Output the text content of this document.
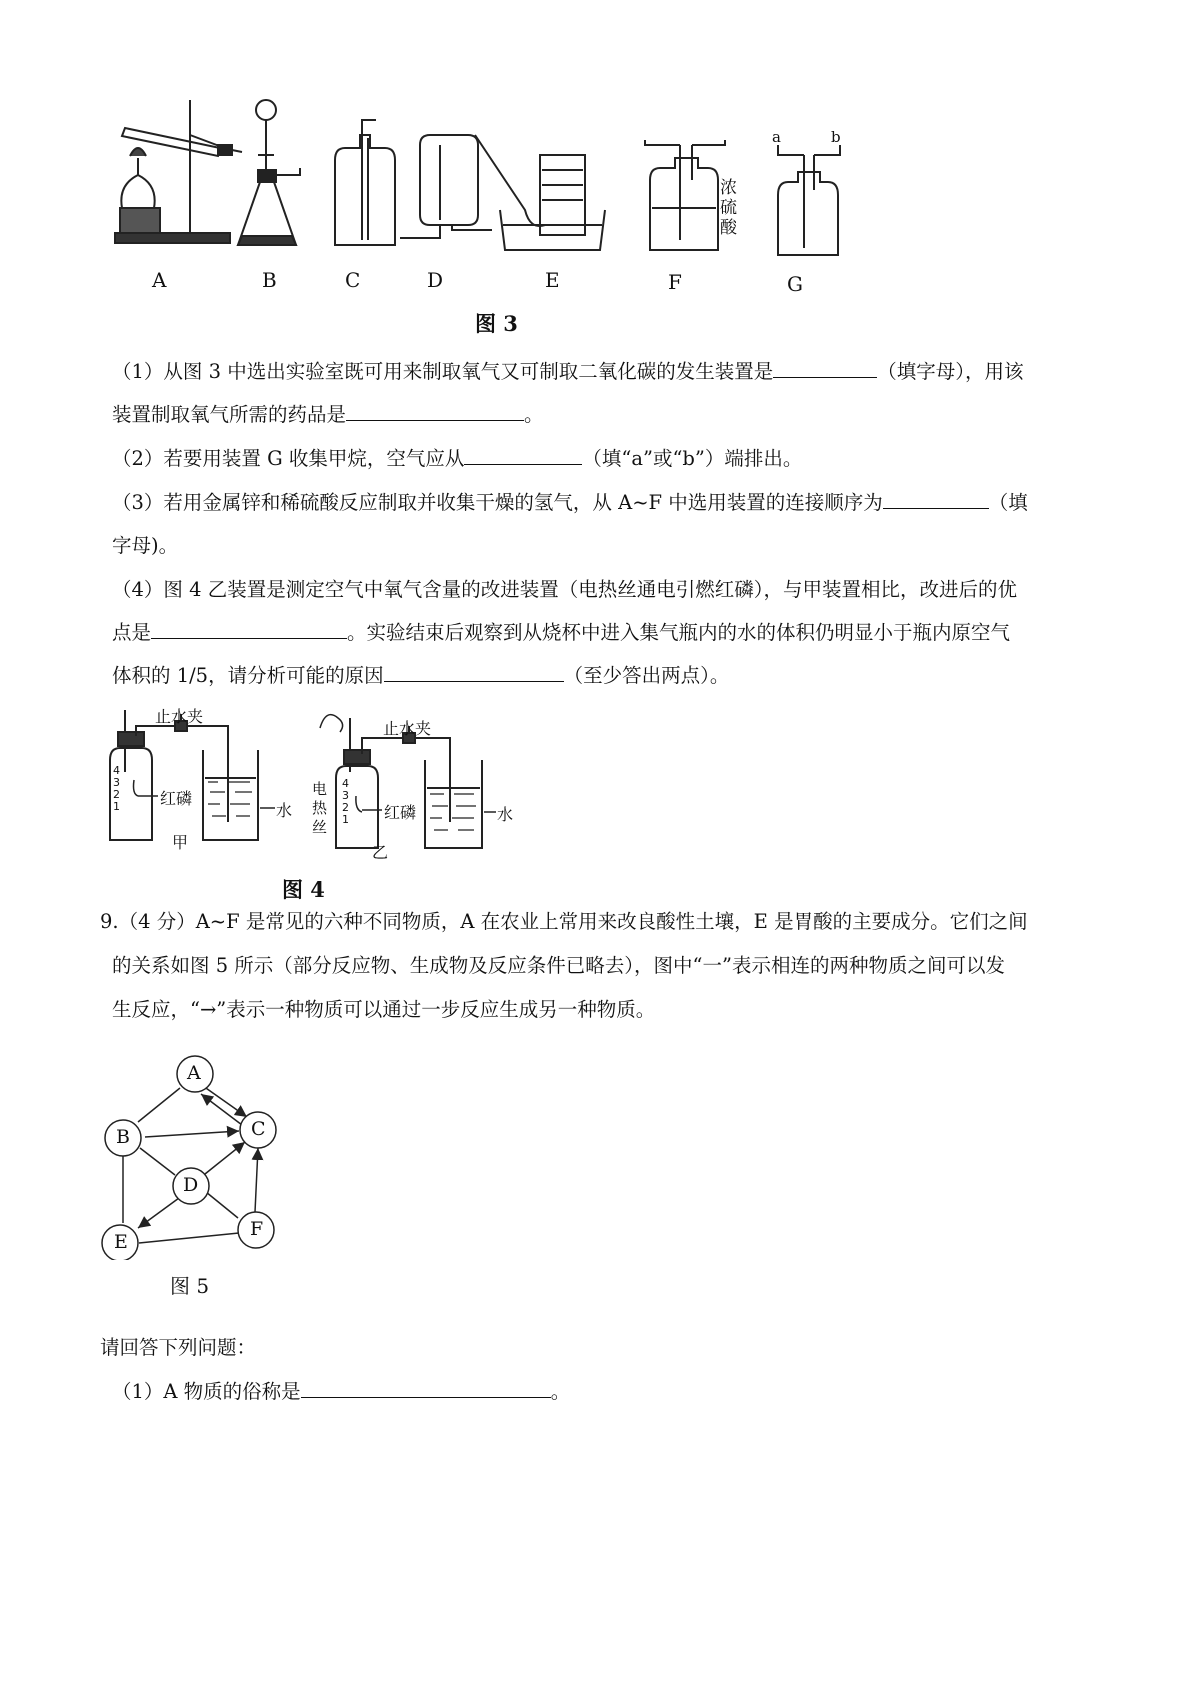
A	B	C	D	E	F	G
浓
硫
酸
a	b
图 3
（1）从图 3 中选出实验室既可用来制取氧气又可制取二氧化碳的发生装置是	（填字母），用该
装置制取氧气所需的药品是	。
（2）若要用装置 G 收集甲烷，空气应从	（填“a”或“b”）端排出。
（3）若用金属锌和稀硫酸反应制取并收集干燥的氢气，从 A~F 中选用装置的连接顺序为	（填
字母)。
（4）图 4 乙装置是测定空气中氧气含量的改进装置（电热丝通电引燃红磷），与甲装置相比，改进后的优
点是	。实验结束后观察到从烧杯中进入集气瓶内的水的体积仍明显小于瓶内原空气
体积的 1/5，请分析可能的原因	（至少答出两点）。
止水夹
止水夹
红磷
红磷
水	水
甲
乙
电
热
丝
4
3
2
1
4
3
2
1
图 4
9.（4 分）A~F 是常见的六种不同物质，A 在农业上常用来改良酸性土壤，E 是胃酸的主要成分。它们之间
的关系如图 5 所示（部分反应物、生成物及反应条件已略去），图中“一”表示相连的两种物质之间可以发
生反应，“→”表示一种物质可以通过一步反应生成另一种物质。
A
B	C
D
E
F
图 5
请回答下列问题：
（1）A 物质的俗称是	。
